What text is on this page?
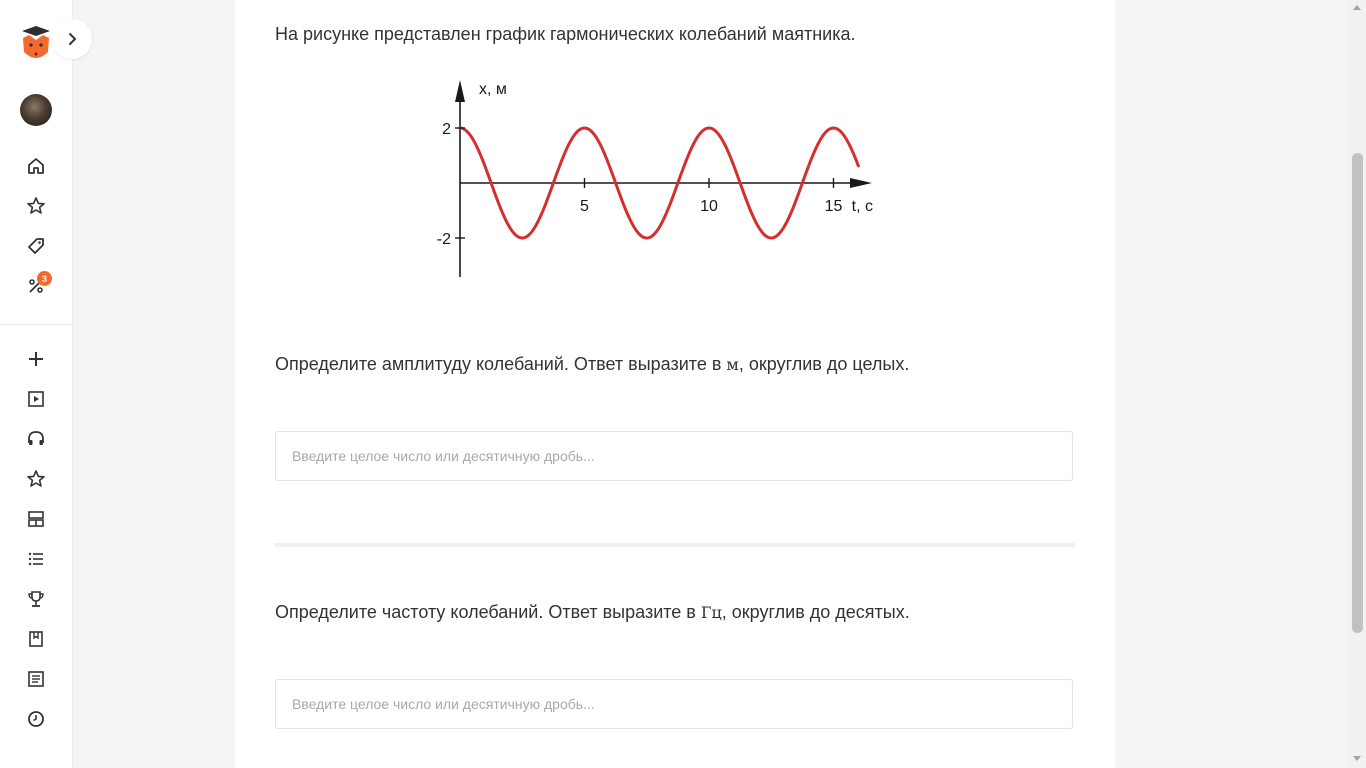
3
На рисунке представлен график гармонических колебаний маятника.
5	10	15
2
-2
x, м
t, с
Определите амплитуду колебаний. Ответ выразите в м, округлив до целых.
Введите целое число или десятичную дробь...
Определите частоту колебаний. Ответ выразите в Гц, округлив до десятых.
Введите целое число или десятичную дробь...
